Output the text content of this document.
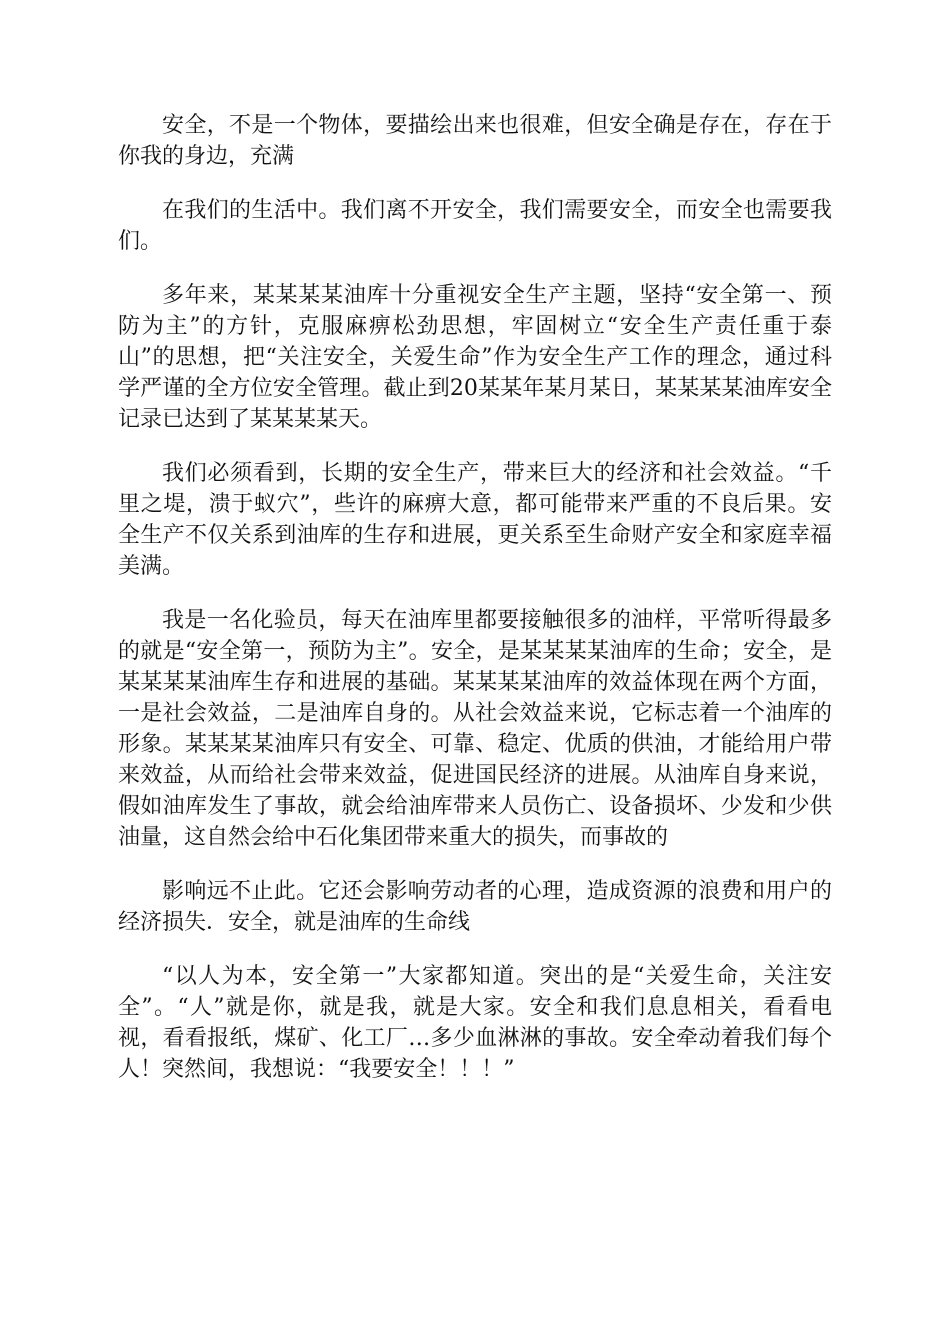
安全，不是一个物体，要描绘出来也很难，但安全确是存在，存在于你我的身边，充满

在我们的生活中。我们离不开安全，我们需要安全，而安全也需要我们。

多年来，某某某某油库十分重视安全生产主题，坚持“安全第一、预防为主”的方针，克服麻痹松劲思想，牢固树立“安全生产责任重于泰山”的思想，把“关注安全，关爱生命”作为安全生产工作的理念，通过科学严谨的全方位安全管理。截止到20某某年某月某日，某某某某油库安全记录已达到了某某某某天。

我们必须看到，长期的安全生产，带来巨大的经济和社会效益。“千里之堤，溃于蚁穴”，些许的麻痹大意，都可能带来严重的不良后果。安全生产不仅关系到油库的生存和进展，更关系至生命财产安全和家庭幸福美满。

我是一名化验员，每天在油库里都要接触很多的油样，平常听得最多的就是“安全第一，预防为主”。安全，是某某某某油库的生命；安全，是某某某某油库生存和进展的基础。某某某某油库的效益体现在两个方面，一是社会效益，二是油库自身的。从社会效益来说，它标志着一个油库的形象。某某某某油库只有安全、可靠、稳定、优质的供油，才能给用户带来效益，从而给社会带来效益，促进国民经济的进展。从油库自身来说，假如油库发生了事故，就会给油库带来人员伤亡、设备损坏、少发和少供油量，这自然会给中石化集团带来重大的损失，而事故的

影响远不止此。它还会影响劳动者的心理，造成资源的浪费和用户的经济损失．安全，就是油库的生命线

“以人为本，安全第一”大家都知道。突出的是“关爱生命，关注安全”。“人”就是你，就是我，就是大家。安全和我们息息相关，看看电视，看看报纸，煤矿、化工厂…多少血淋淋的事故。安全牵动着我们每个人！突然间，我想说：“我要安全！！！”
